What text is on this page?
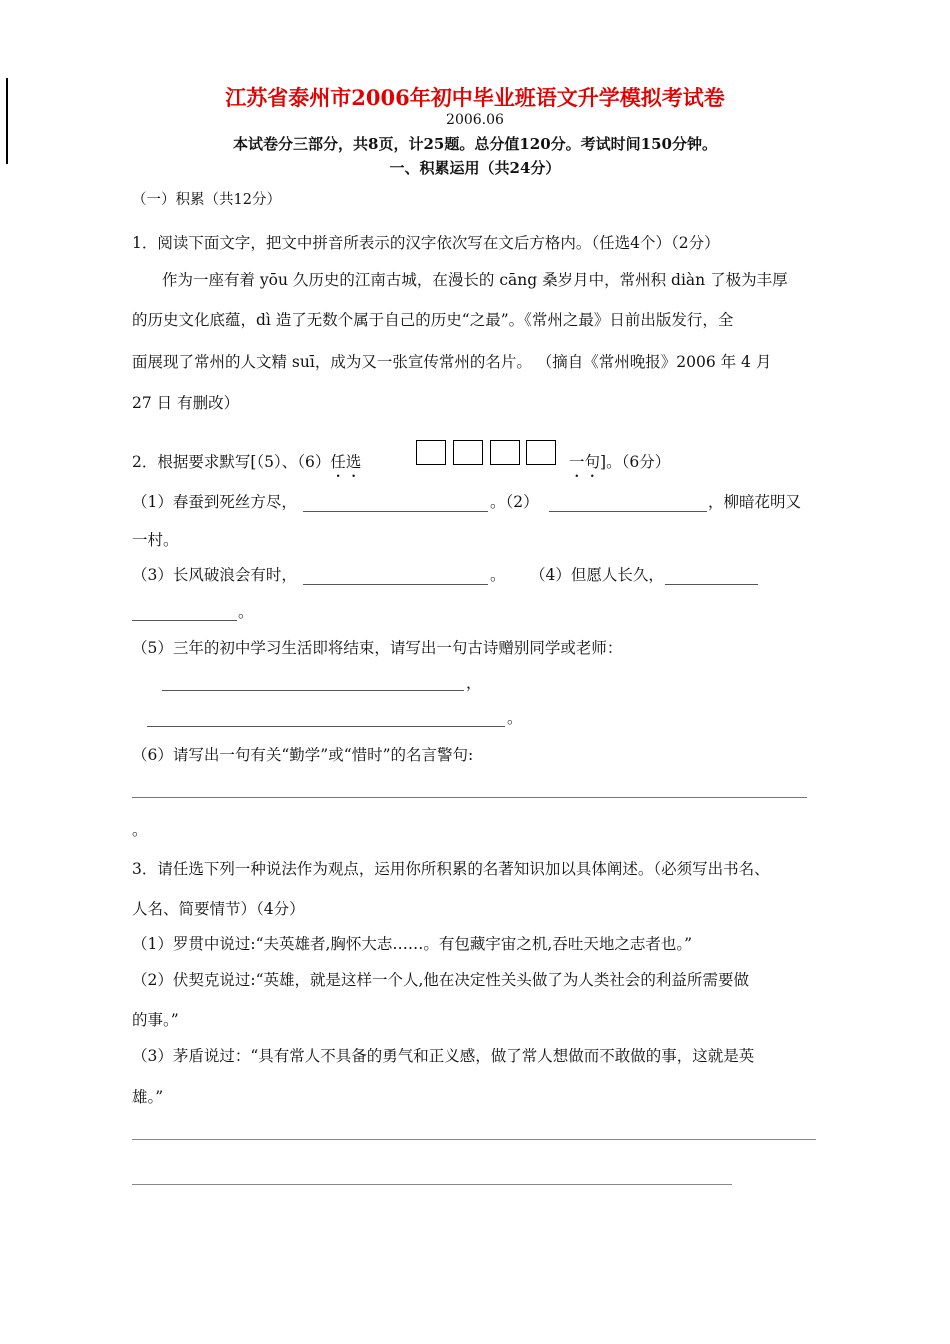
江苏省泰州市2006年初中毕业班语文升学模拟考试卷
2006.06
本试卷分三部分，共8页，计25题。总分值120分。考试时间150分钟。
一、积累运用（共24分）
（一）积累（共12分）
1．阅读下面文字，把文中拼音所表示的汉字依次写在文后方格内。（任选4个）（2分）
作为一座有着 yōu 久历史的江南古城，在漫长的 cāng 桑岁月中，常州积 diàn 了极为丰厚
的历史文化底蕴，dì 造了无数个属于自己的历史“之最”。《常州之最》日前出版发行，全
面展现了常州的人文精 suī，成为又一张宣传常州的名片。 （摘自《常州晚报》2006 年 4 月
27 日 有删改）
2．根据要求默写[（5）、（6）任选	一句]。（6分）
（1）春蚕到死丝方尽，	。（2）	，柳暗花明又
一村。
（3）长风破浪会有时，	。 （4）但愿人长久，
。
（5）三年的初中学习生活即将结束，请写出一句古诗赠别同学或老师：
，
。
（6）请写出一句有关“勤学”或“惜时”的名言警句:
。
3．请任选下列一种说法作为观点，运用你所积累的名著知识加以具体阐述。（必须写出书名、
人名、简要情节）（4分）
（1）罗贯中说过:“夫英雄者,胸怀大志……。有包藏宇宙之机,吞吐天地之志者也。”
（2）伏契克说过:“英雄，就是这样一个人,他在决定性关头做了为人类社会的利益所需要做
的事。”
（3）茅盾说过：“具有常人不具备的勇气和正义感，做了常人想做而不敢做的事，这就是英
雄。”
